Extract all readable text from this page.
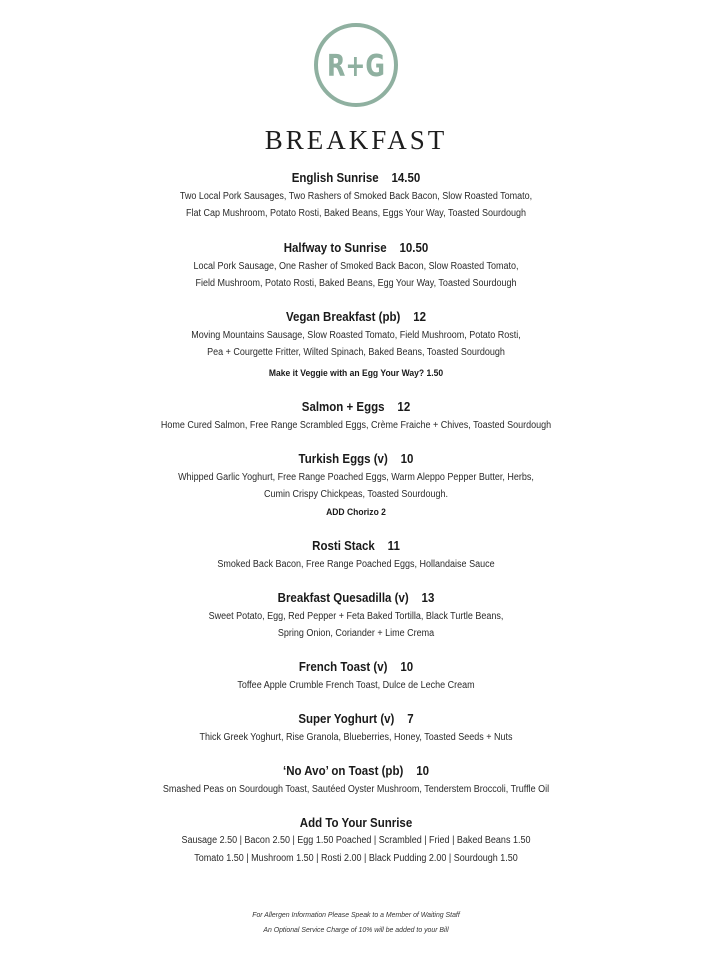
R+G
BREAKFAST
English Sunrise 14.50
Two Local Pork Sausages, Two Rashers of Smoked Back Bacon, Slow Roasted Tomato,
Flat Cap Mushroom, Potato Rosti, Baked Beans, Eggs Your Way, Toasted Sourdough
Halfway to Sunrise 10.50
Local Pork Sausage, One Rasher of Smoked Back Bacon, Slow Roasted Tomato,
Field Mushroom, Potato Rosti, Baked Beans, Egg Your Way, Toasted Sourdough
Vegan Breakfast (pb) 12
Moving Mountains Sausage, Slow Roasted Tomato, Field Mushroom, Potato Rosti,
Pea + Courgette Fritter, Wilted Spinach, Baked Beans, Toasted Sourdough
Make it Veggie with an Egg Your Way? 1.50
Salmon + Eggs 12
Home Cured Salmon, Free Range Scrambled Eggs, Crème Fraiche + Chives, Toasted Sourdough
Turkish Eggs (v) 10
Whipped Garlic Yoghurt, Free Range Poached Eggs, Warm Aleppo Pepper Butter, Herbs,
Cumin Crispy Chickpeas, Toasted Sourdough.
ADD Chorizo 2
Rosti Stack 11
Smoked Back Bacon, Free Range Poached Eggs, Hollandaise Sauce
Breakfast Quesadilla (v) 13
Sweet Potato, Egg, Red Pepper + Feta Baked Tortilla, Black Turtle Beans,
Spring Onion, Coriander + Lime Crema
French Toast (v) 10
Toffee Apple Crumble French Toast, Dulce de Leche Cream
Super Yoghurt (v) 7
Thick Greek Yoghurt, Rise Granola, Blueberries, Honey, Toasted Seeds + Nuts
‘No Avo’ on Toast (pb) 10
Smashed Peas on Sourdough Toast, Sautéed Oyster Mushroom, Tenderstem Broccoli, Truffle Oil
Add To Your Sunrise
Sausage 2.50 | Bacon 2.50 | Egg 1.50 Poached | Scrambled | Fried | Baked Beans 1.50
Tomato 1.50 | Mushroom 1.50 | Rosti 2.00 | Black Pudding 2.00 | Sourdough 1.50
For Allergen Information Please Speak to a Member of Waiting Staff
An Optional Service Charge of 10% will be added to your Bill
